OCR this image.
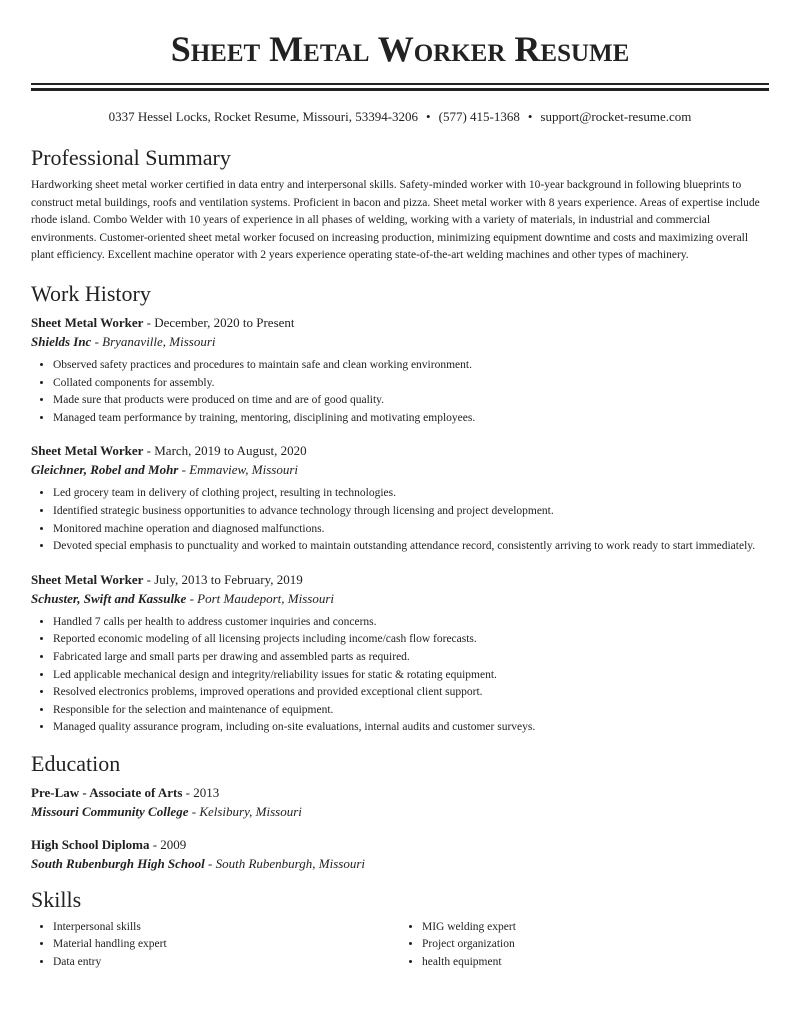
Sheet Metal Worker Resume
0337 Hessel Locks, Rocket Resume, Missouri, 53394-3206 • (577) 415-1368 • support@rocket-resume.com
Professional Summary

Hardworking sheet metal worker certified in data entry and interpersonal skills. Safety-minded worker with 10-year background in following blueprints to construct metal buildings, roofs and ventilation systems. Proficient in bacon and pizza. Sheet metal worker with 8 years experience. Areas of expertise include rhode island. Combo Welder with 10 years of experience in all phases of welding, working with a variety of materials, in industrial and commercial environments. Customer-oriented sheet metal worker focused on increasing production, minimizing equipment downtime and costs and maximizing overall plant efficiency. Excellent machine operator with 2 years experience operating state-of-the-art welding machines and other types of machinery.

Work History
Sheet Metal Worker - December, 2020 to Present
Shields Inc - Bryanaville, Missouri
• Observed safety practices and procedures to maintain safe and clean working environment.
• Collated components for assembly.
• Made sure that products were produced on time and are of good quality.
• Managed team performance by training, mentoring, disciplining and motivating employees.
Sheet Metal Worker - March, 2019 to August, 2020
Gleichner, Robel and Mohr - Emmaview, Missouri
• Led grocery team in delivery of clothing project, resulting in technologies.
• Identified strategic business opportunities to advance technology through licensing and project development.
• Monitored machine operation and diagnosed malfunctions.
• Devoted special emphasis to punctuality and worked to maintain outstanding attendance record, consistently arriving to work ready to start immediately.
Sheet Metal Worker - July, 2013 to February, 2019
Schuster, Swift and Kassulke - Port Maudeport, Missouri
• Handled 7 calls per health to address customer inquiries and concerns.
• Reported economic modeling of all licensing projects including income/cash flow forecasts.
• Fabricated large and small parts per drawing and assembled parts as required.
• Led applicable mechanical design and integrity/reliability issues for static & rotating equipment.
• Resolved electronics problems, improved operations and provided exceptional client support.
• Responsible for the selection and maintenance of equipment.
• Managed quality assurance program, including on-site evaluations, internal audits and customer surveys.
Education
Pre-Law - Associate of Arts - 2013
Missouri Community College - Kelsibury, Missouri
High School Diploma - 2009
South Rubenburgh High School - South Rubenburgh, Missouri
Skills
• Interpersonal skills
• Material handling expert
• Data entry
• MIG welding expert
• Project organization
• health equipment
